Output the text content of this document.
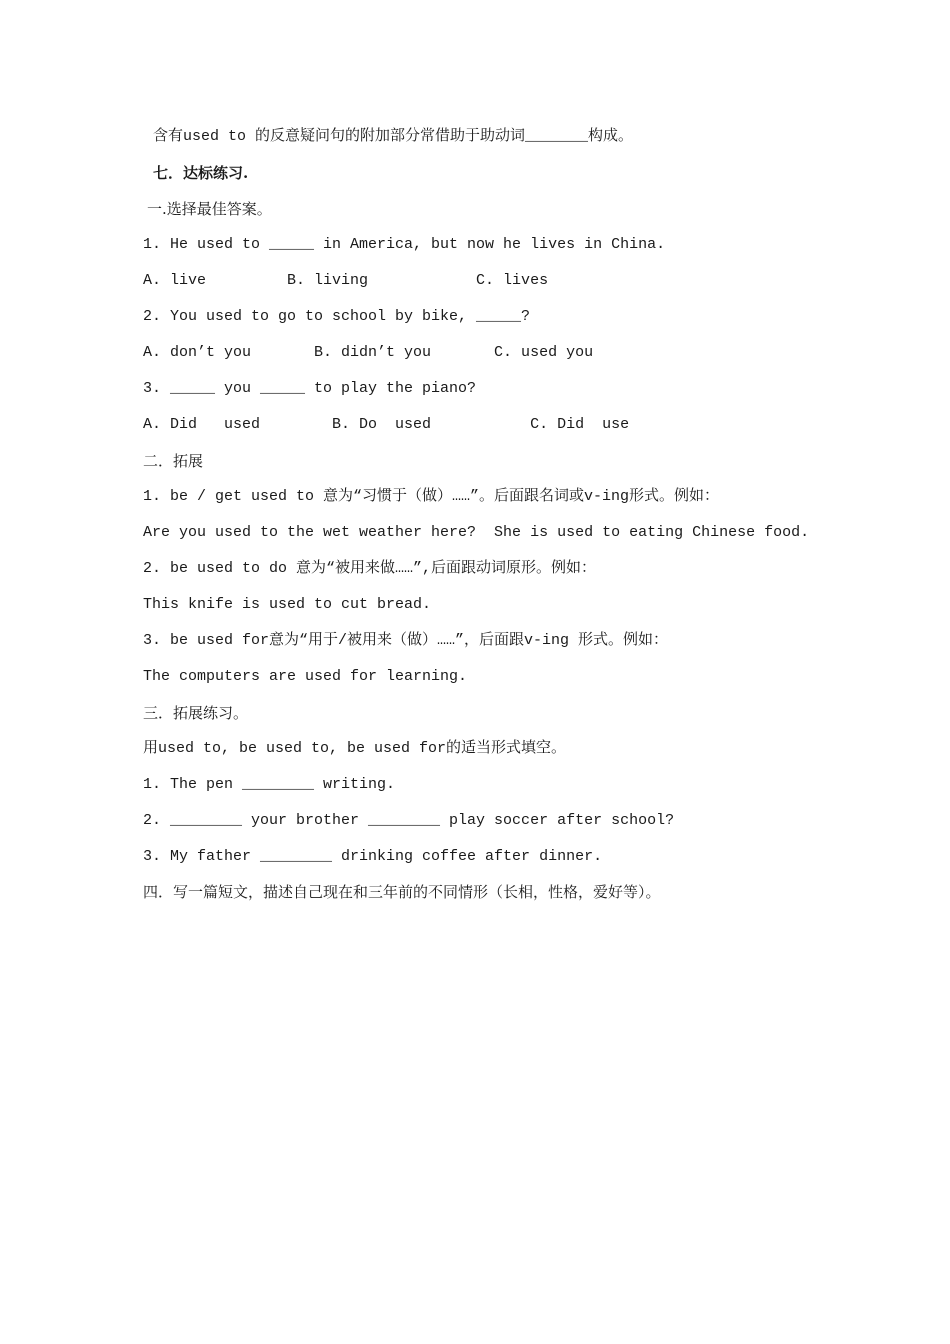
含有used to 的反意疑问句的附加部分常借助于助动词_______构成。
七．达标练习.
一.选择最佳答案。
1. He used to _____ in America, but now he lives in China.
A. live         B. living            C. lives
2. You used to go to school by bike, _____?
A. don’t you       B. didn’t you       C. used you
3. _____ you _____ to play the piano?
A. Did   used        B. Do  used           C. Did  use
二．拓展
1. be / get used to 意为“习惯于（做）……”。后面跟名词或v-ing形式。例如：
Are you used to the wet weather here?  She is used to eating Chinese food.
2. be used to do 意为“被用来做……”,后面跟动词原形。例如：
This knife is used to cut bread.
3. be used for意为“用于/被用来（做）……”，后面跟v-ing 形式。例如：
The computers are used for learning.
三．拓展练习。
用used to, be used to, be used for的适当形式填空。
1. The pen ________ writing.
2. ________ your brother ________ play soccer after school?
3. My father ________ drinking coffee after dinner.
四．写一篇短文，描述自己现在和三年前的不同情形（长相，性格，爱好等）。
